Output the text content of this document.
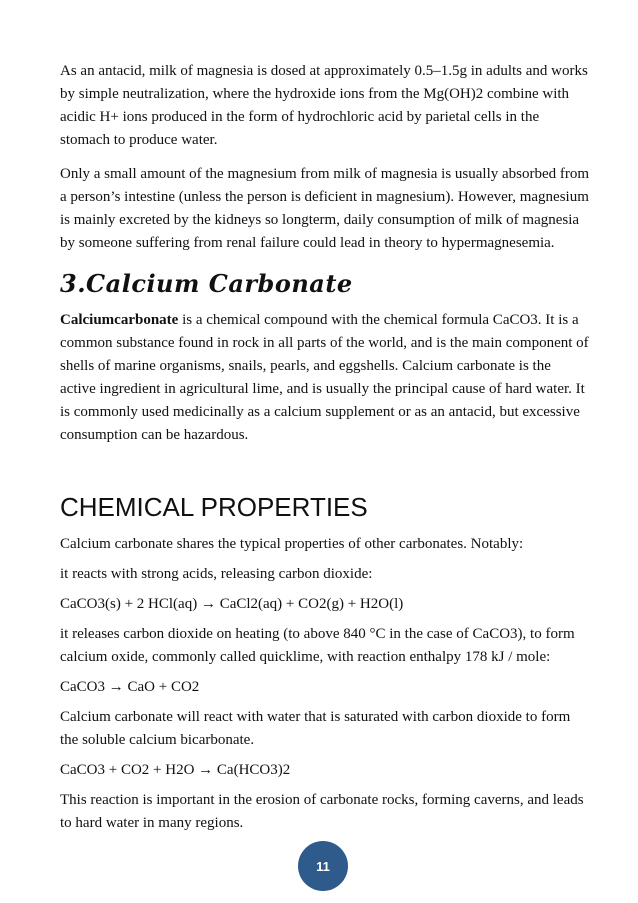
As an antacid, milk of magnesia is dosed at approximately 0.5–1.5g in adults and works by simple neutralization, where the hydroxide ions from the Mg(OH)2 combine with acidic H+ ions produced in the form of hydrochloric acid by parietal cells in the stomach to produce water.

Only a small amount of the magnesium from milk of magnesia is usually absorbed from a person’s intestine (unless the person is deficient in magnesium). However, magnesium is mainly excreted by the kidneys so longterm, daily consumption of milk of magnesia by someone suffering from renal failure could lead in theory to hypermagnesemia.

3.Calcium Carbonate

Calciumcarbonate is a chemical compound with the chemical formula CaCO3. It is a common substance found in rock in all parts of the world, and is the main component of shells of marine organisms, snails, pearls, and eggshells. Calcium carbonate is the active ingredient in agricultural lime, and is usually the principal cause of hard water. It is commonly used medicinally as a calcium supplement or as an antacid, but excessive consumption can be hazardous.

CHEMICAL PROPERTIES

Calcium carbonate shares the typical properties of other carbonates. Notably:

it reacts with strong acids, releasing carbon dioxide:

CaCO3(s) + 2 HCl(aq) → CaCl2(aq) + CO2(g) + H2O(l)

it releases carbon dioxide on heating (to above 840 °C in the case of CaCO3), to form calcium oxide, commonly called quicklime, with reaction enthalpy 178 kJ / mole:

CaCO3 → CaO + CO2

Calcium carbonate will react with water that is saturated with carbon dioxide to form the soluble calcium bicarbonate.

CaCO3 + CO2 + H2O → Ca(HCO3)2

This reaction is important in the erosion of carbonate rocks, forming caverns, and leads to hard water in many regions.

11
